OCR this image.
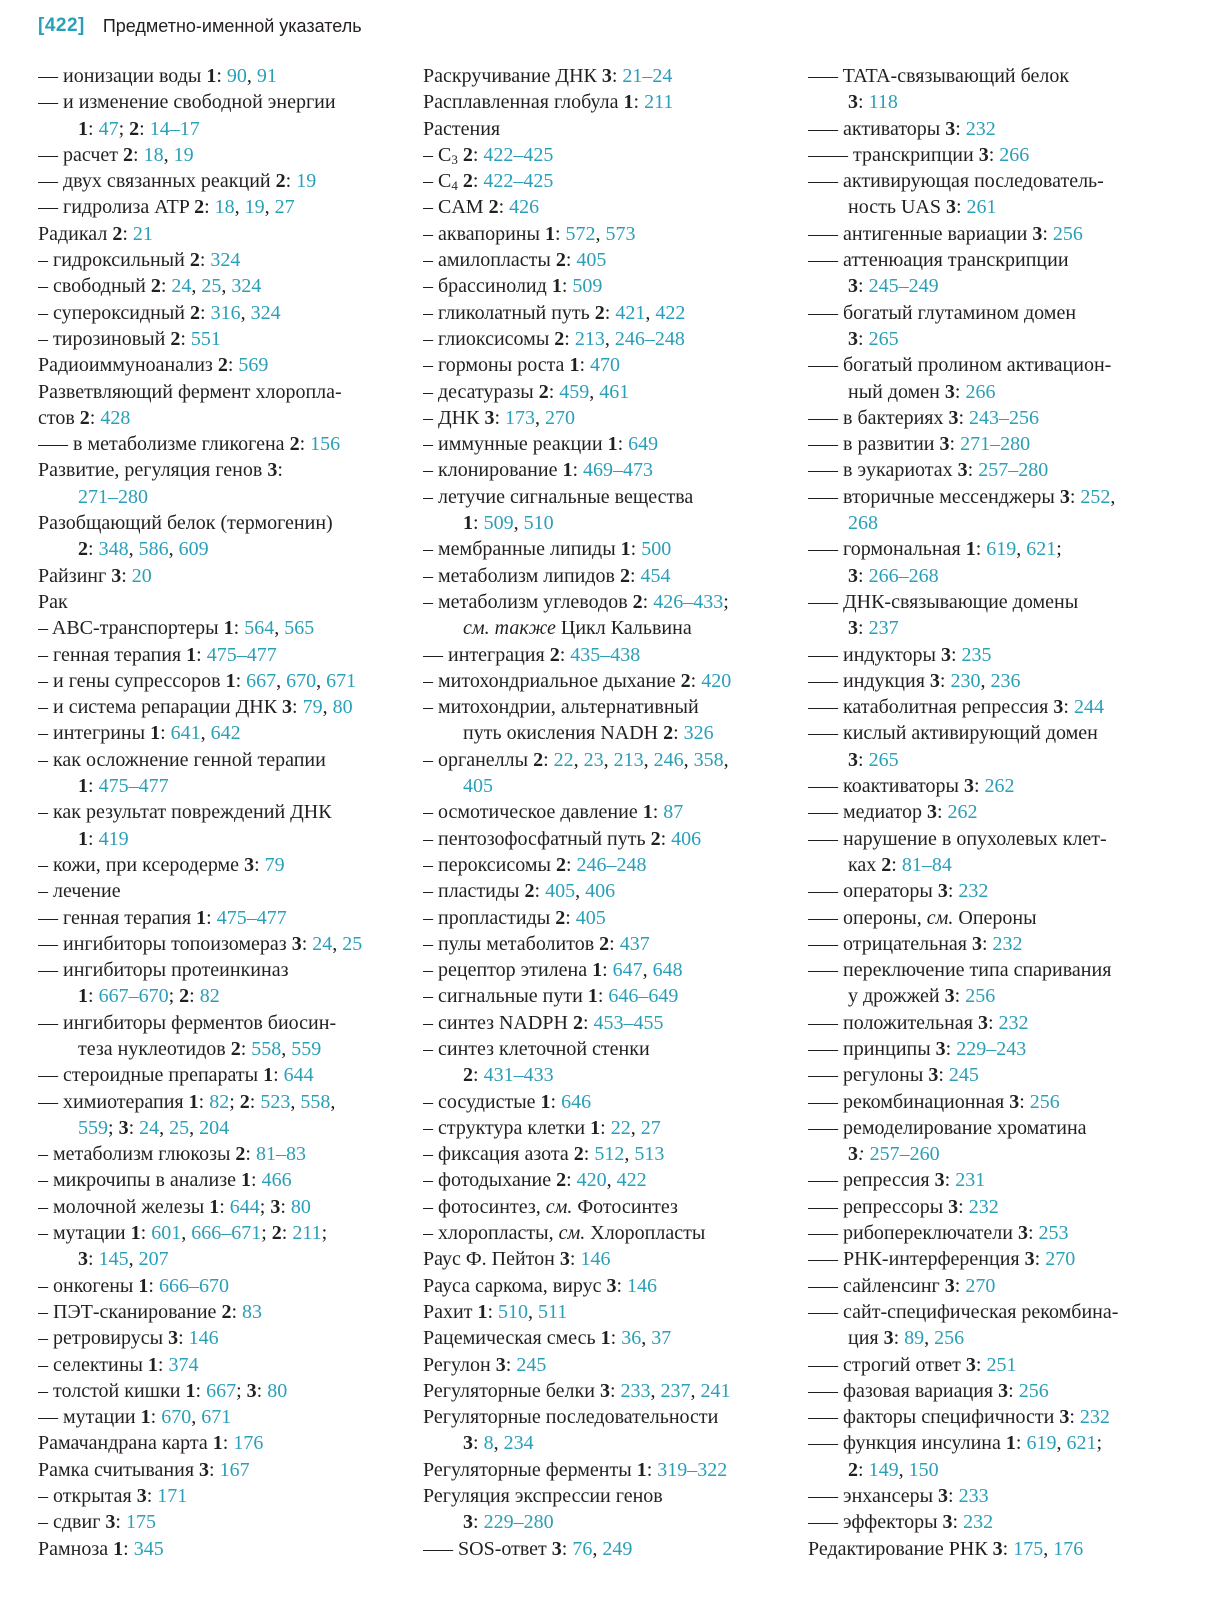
[422] Предметно-именной указатель
–– ионизации воды 1: 90, 91
–– и изменение свободной энергии
1: 47; 2: 14–17
–– расчет 2: 18, 19
–– двух связанных реакций 2: 19
–– гидролиза ATP 2: 18, 19, 27
Радикал 2: 21
– гидроксильный 2: 324
– свободный 2: 24, 25, 324
– супероксидный 2: 316, 324
– тирозиновый 2: 551
Радиоиммуноанализ 2: 569
Разветвляющий фермент хлоропла-
стов 2: 428
––– в метаболизме гликогена 2: 156
Развитие, регуляция генов 3:
271–280
Разобщающий белок (термогенин)
2: 348, 586, 609
Райзинг 3: 20
Рак
– ABC-транспортеры 1: 564, 565
– генная терапия 1: 475–477
– и гены супрессоров 1: 667, 670, 671
– и система репарации ДНК 3: 79, 80
– интегрины 1: 641, 642
– как осложнение генной терапии
1: 475–477
– как результат повреждений ДНК
1: 419
– кожи, при ксеродерме 3: 79
– лечение
–– генная терапия 1: 475–477
–– ингибиторы топоизомераз 3: 24, 25
–– ингибиторы протеинкиназ
1: 667–670; 2: 82
–– ингибиторы ферментов биосин-
теза нуклеотидов 2: 558, 559
–– стероидные препараты 1: 644
–– химиотерапия 1: 82; 2: 523, 558,
559; 3: 24, 25, 204
– метаболизм глюкозы 2: 81–83
– микрочипы в анализе 1: 466
– молочной железы 1: 644; 3: 80
– мутации 1: 601, 666–671; 2: 211;
3: 145, 207
– онкогены 1: 666–670
– ПЭТ-сканирование 2: 83
– ретровирусы 3: 146
– селектины 1: 374
– толстой кишки 1: 667; 3: 80
–– мутации 1: 670, 671
Рамачандрана карта 1: 176
Рамка считывания 3: 167
– открытая 3: 171
– сдвиг 3: 175
Рамноза 1: 345
Раскручивание ДНК 3: 21–24
Расплавленная глобула 1: 211
Растения
– $C_3$ 2: 422–425
– $C_4$ 2: 422–425
– CAM 2: 426
– аквапорины 1: 572, 573
– амилопласты 2: 405
– брассинолид 1: 509
– гликолатный путь 2: 421, 422
– глиоксисомы 2: 213, 246–248
– гормоны роста 1: 470
– десатуразы 2: 459, 461
– ДНК 3: 173, 270
– иммунные реакции 1: 649
– клонирование 1: 469–473
– летучие сигнальные вещества
1: 509, 510
– мембранные липиды 1: 500
– метаболизм липидов 2: 454
– метаболизм углеводов 2: 426–433;
см. также Цикл Кальвина
–– интеграция 2: 435–438
– митохондриальное дыхание 2: 420
– митохондрии, альтернативный
путь окисления NADH 2: 326
– органеллы 2: 22, 23, 213, 246, 358,
405
– осмотическое давление 1: 87
– пентозофосфатный путь 2: 406
– пероксисомы 2: 246–248
– пластиды 2: 405, 406
– пропластиды 2: 405
– пулы метаболитов 2: 437
– рецептор этилена 1: 647, 648
– сигнальные пути 1: 646–649
– синтез NADPH 2: 453–455
– синтез клеточной стенки
2: 431–433
– сосудистые 1: 646
– структура клетки 1: 22, 27
– фиксация азота 2: 512, 513
– фотодыхание 2: 420, 422
– фотосинтез, см. Фотосинтез
– хлоропласты, см. Хлоропласты
Раус Ф. Пейтон 3: 146
Рауса саркома, вирус 3: 146
Рахит 1: 510, 511
Рацемическая смесь 1: 36, 37
Регулон 3: 245
Регуляторные белки 3: 233, 237, 241
Регуляторные последовательности
3: 8, 234
Регуляторные ферменты 1: 319–322
Регуляция экспрессии генов
3: 229–280
––– SOS-ответ 3: 76, 249
––– TATA-связывающий белок
3: 118
––– активаторы 3: 232
–––– транскрипции 3: 266
––– активирующая последователь-
ность UAS 3: 261
––– антигенные вариации 3: 256
––– аттенюация транскрипции
3: 245–249
––– богатый глутамином домен
3: 265
––– богатый пролином активацион-
ный домен 3: 266
––– в бактериях 3: 243–256
––– в развитии 3: 271–280
––– в эукариотах 3: 257–280
––– вторичные мессенджеры 3: 252,
268
––– гормональная 1: 619, 621;
3: 266–268
––– ДНК-связывающие домены
3: 237
––– индукторы 3: 235
––– индукция 3: 230, 236
––– катаболитная репрессия 3: 244
––– кислый активирующий домен
3: 265
––– коактиваторы 3: 262
––– медиатор 3: 262
––– нарушение в опухолевых клет-
ках 2: 81–84
––– операторы 3: 232
––– опероны, см. Опероны
––– отрицательная 3: 232
––– переключение типа спаривания
у дрожжей 3: 256
––– положительная 3: 232
––– принципы 3: 229–243
––– регулоны 3: 245
––– рекомбинационная 3: 256
––– ремоделирование хроматина
3: 257–260
––– репрессия 3: 231
––– репрессоры 3: 232
––– рибопереключатели 3: 253
––– РНК-интерференция 3: 270
––– сайленсинг 3: 270
––– сайт-специфическая рекомбина-
ция 3: 89, 256
––– строгий ответ 3: 251
––– фазовая вариация 3: 256
––– факторы специфичности 3: 232
––– функция инсулина 1: 619, 621;
2: 149, 150
––– энхансеры 3: 233
––– эффекторы 3: 232
Редактирование РНК 3: 175, 176
